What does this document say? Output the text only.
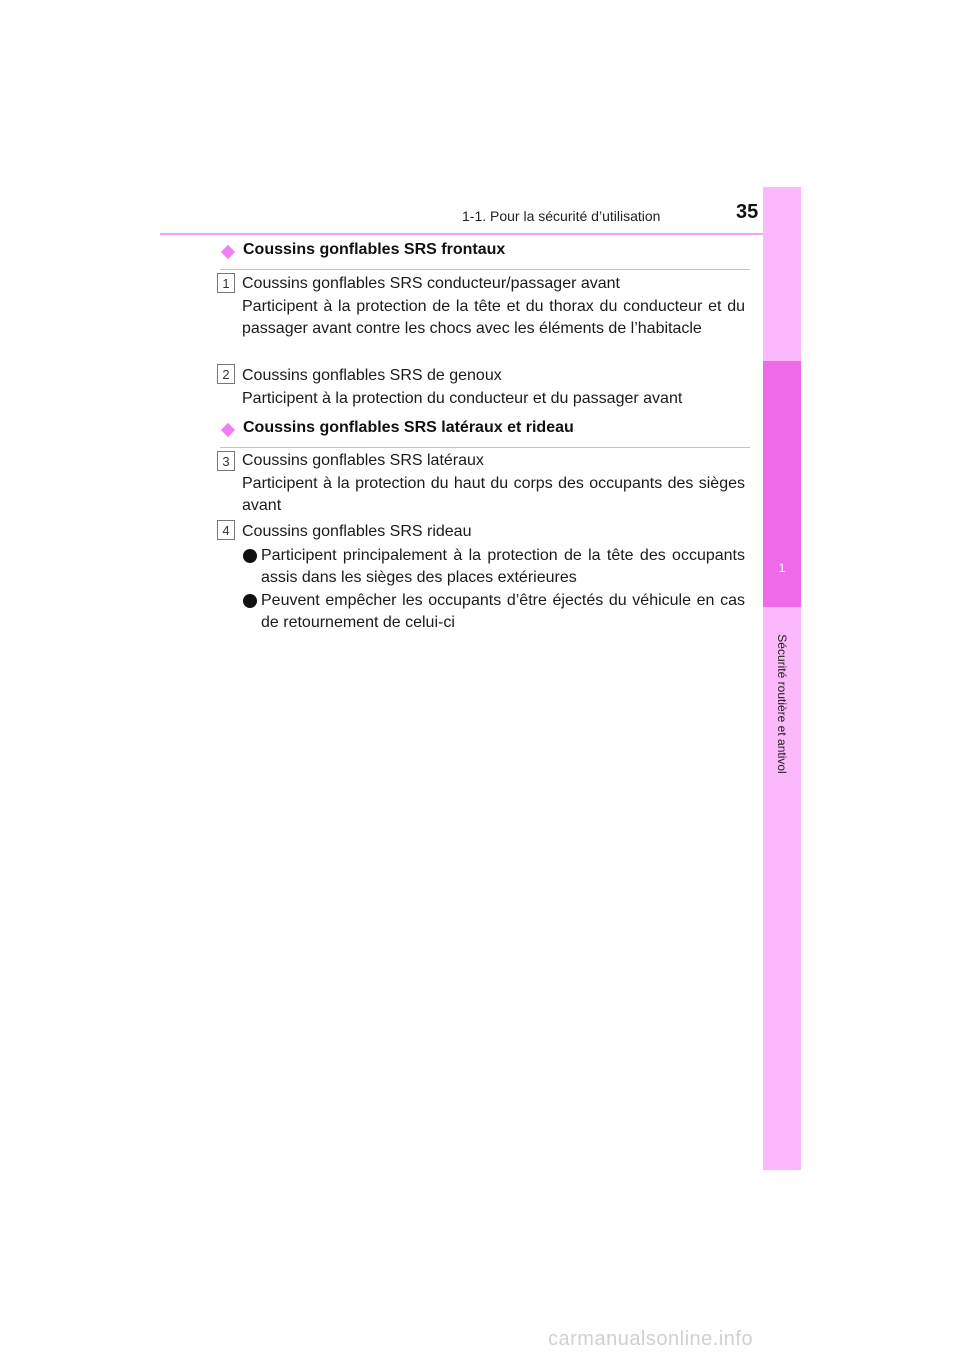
1-1. Pour la sécurité d’utilisation	35
1
Sécurité routière et antivol
Coussins gonflables SRS frontaux
1 Coussins gonflables SRS conducteur/passager avant
Participent à la protection de la tête et du thorax du conducteur et du passager avant contre les chocs avec les éléments de l’habitacle
2 Coussins gonflables SRS de genoux
Participent à la protection du conducteur et du passager avant
Coussins gonflables SRS latéraux et rideau
3 Coussins gonflables SRS latéraux
Participent à la protection du haut du corps des occupants des sièges avant
4 Coussins gonflables SRS rideau
Participent principalement à la protection de la tête des occupants assis dans les sièges des places extérieures
Peuvent empêcher les occupants d’être éjectés du véhicule en cas de retournement de celui-ci
carmanualsonline.info
